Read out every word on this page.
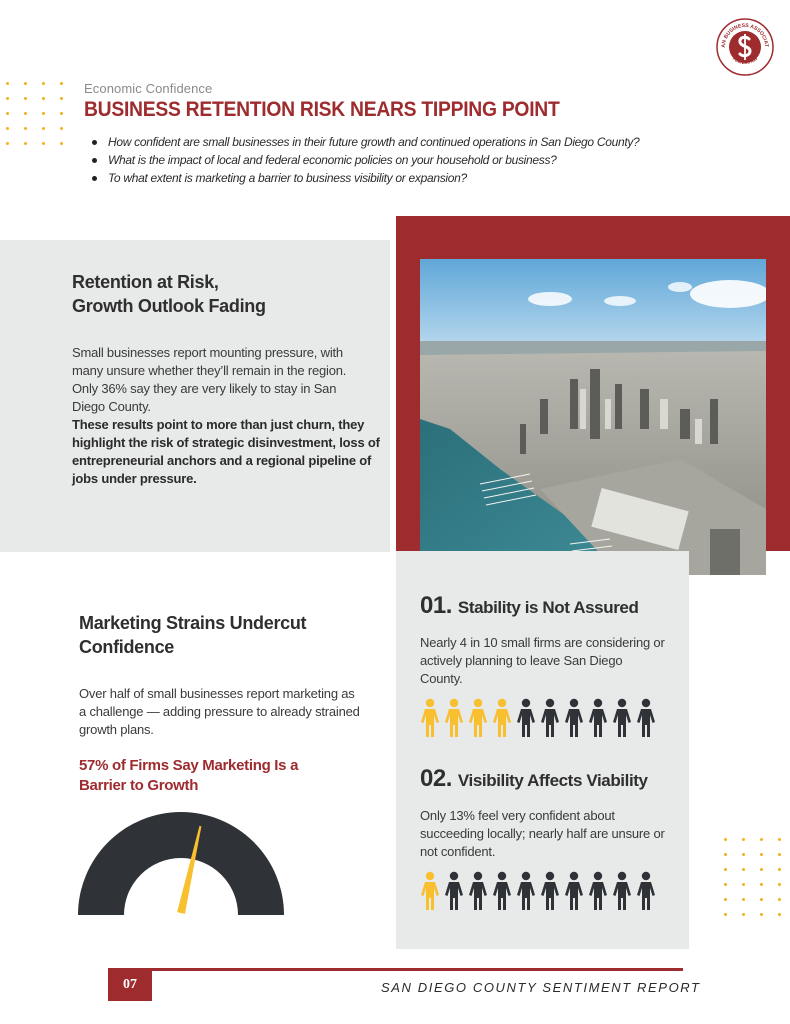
AN BUSINESS ASSOCIAT
FOUNDATION
Economic Confidence
BUSINESS RETENTION RISK NEARS TIPPING POINT
How confident are small businesses in their future growth and continued operations in San Diego County?
What is the impact of local and federal economic policies on your household or business?
To what extent is marketing a barrier to business visibility or expansion?
Retention at Risk,
Growth Outlook Fading
Small businesses report mounting pressure, with many unsure whether they’ll remain in the region. Only 36% say they are very likely to stay in San Diego County.
These results point to more than just churn, they highlight the risk of strategic disinvestment, loss of entrepreneurial anchors and a regional pipeline of jobs under pressure.
Marketing Strains Undercut
Confidence
Over half of small businesses report marketing as a challenge — adding pressure to already strained growth plans.
57% of Firms Say Marketing Is a
Barrier to Growth
01. Stability is Not Assured
Nearly 4 in 10 small firms are considering or actively planning to leave San Diego County.
02. Visibility Affects Viability
Only 13% feel very confident about succeeding locally; nearly half are unsure or not confident.
07	SAN DIEGO COUNTY SENTIMENT REPORT
